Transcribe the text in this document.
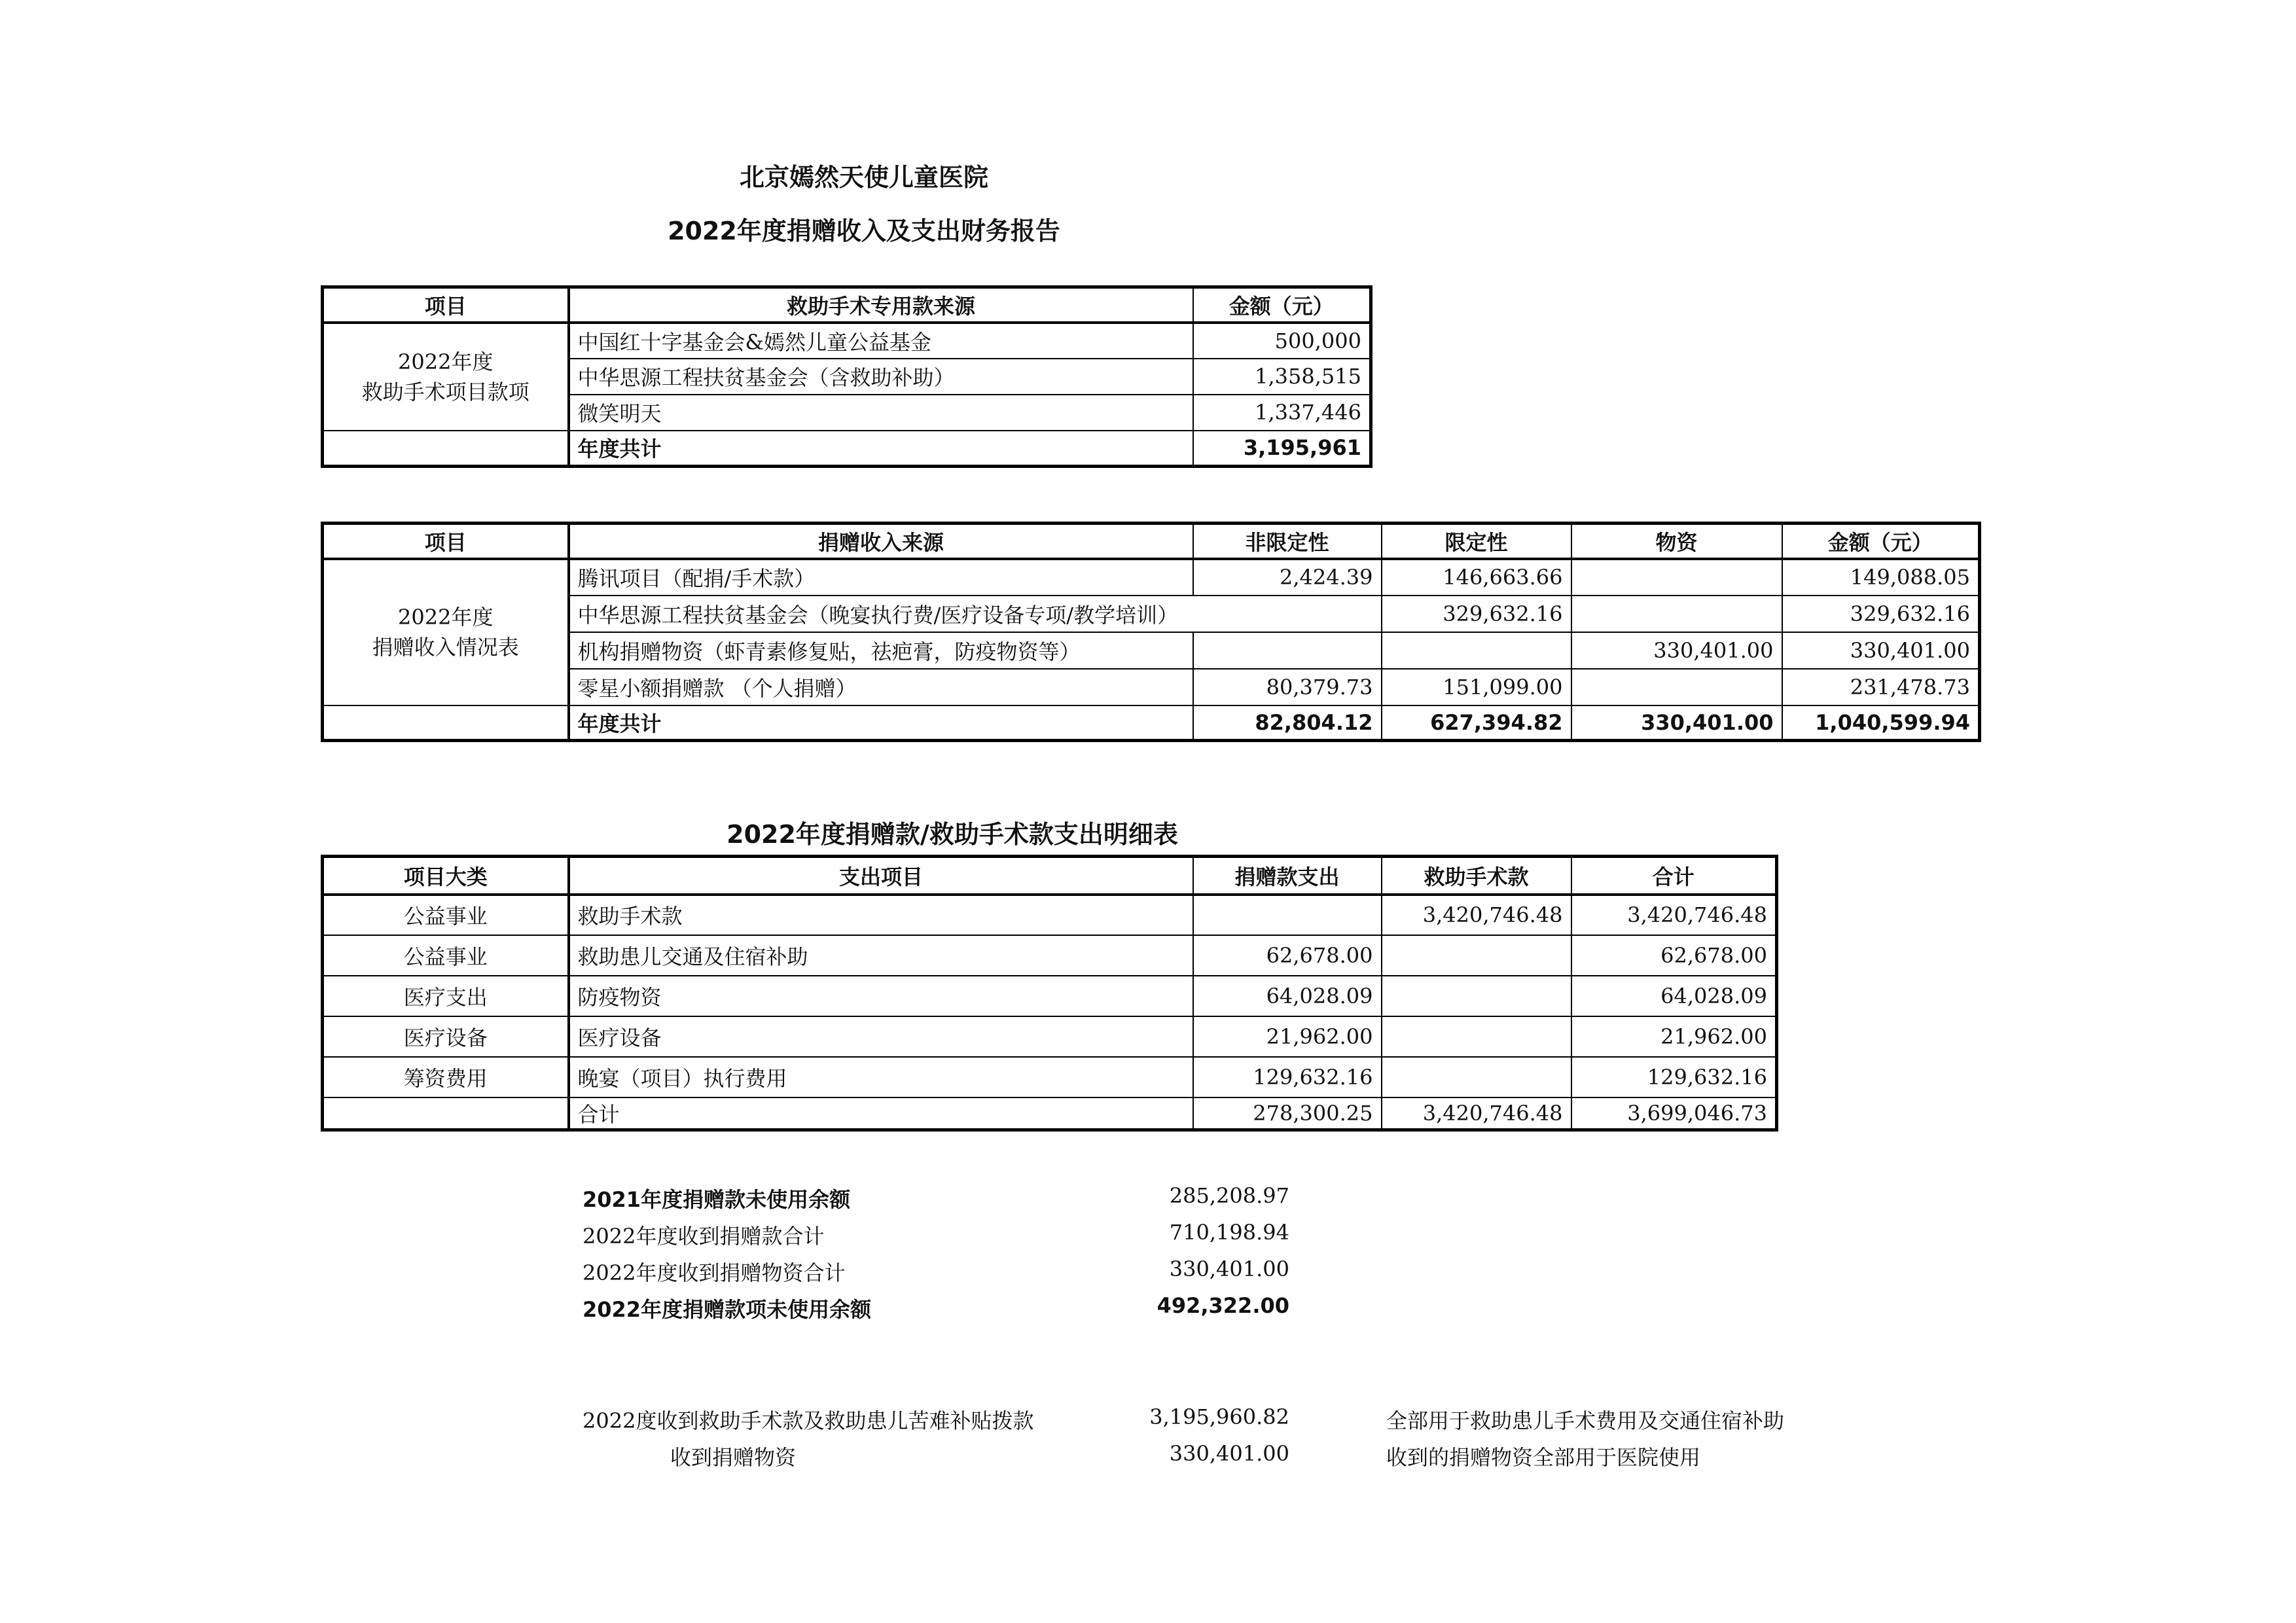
北京嫣然天使儿童医院
2022年度捐赠收入及支出财务报告
项目	救助手术专用款来源	金额（元）
2022年度
救助手术项目款项	中国红十字基金会&嫣然儿童公益基金	500,000
	中华思源工程扶贫基金会（含救助补助）	1,358,515
	微笑明天	1,337,446
	年度共计	3,195,961
项目	捐赠收入来源	非限定性	限定性	物资	金额（元）
2022年度
捐赠收入情况表	腾讯项目（配捐/手术款）	2,424.39	146,663.66		149,088.05
	中华思源工程扶贫基金会（晚宴执行费/医疗设备专项/教学培训）		329,632.16		329,632.16
	机构捐赠物资（虾青素修复贴，祛疤膏，防疫物资等）			330,401.00	330,401.00
	零星小额捐赠款 （个人捐赠）	80,379.73	151,099.00		231,478.73
	年度共计	82,804.12	627,394.82	330,401.00	1,040,599.94
2022年度捐赠款/救助手术款支出明细表
项目大类	支出项目	捐赠款支出	救助手术款	合计
公益事业	救助手术款		3,420,746.48	3,420,746.48
公益事业	救助患儿交通及住宿补助	62,678.00		62,678.00
医疗支出	防疫物资	64,028.09		64,028.09
医疗设备	医疗设备	21,962.00		21,962.00
筹资费用	晚宴（项目）执行费用	129,632.16		129,632.16
	合计	278,300.25	3,420,746.48	3,699,046.73
2021年度捐赠款未使用余额	285,208.97
2022年度收到捐赠款合计	710,198.94
2022年度收到捐赠物资合计	330,401.00
2022年度捐赠款项未使用余额	492,322.00
2022度收到救助手术款及救助患儿苦难补贴拨款	3,195,960.82	全部用于救助患儿手术费用及交通住宿补助
收到捐赠物资	330,401.00	收到的捐赠物资全部用于医院使用
